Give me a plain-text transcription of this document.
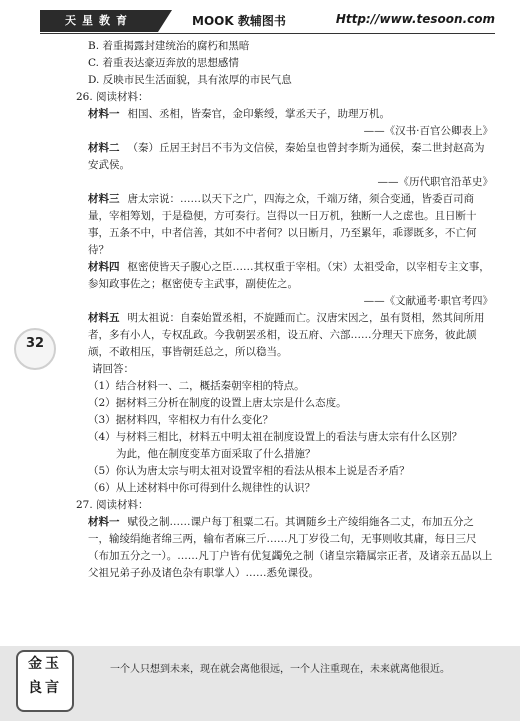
天星教育	MOOK 教辅图书	Http://www.tesoon.com

B. 着重揭露封建统治的腐朽和黑暗

C. 着重表达豪迈奔放的思想感情

D. 反映市民生活面貌，具有浓厚的市民气息

26. 阅读材料：

材料一 相国、丞相，皆秦官，金印紫绶，掌丞天子，助理万机。

——《汉书·百官公卿表上》

材料二 （秦）丘居王封吕不韦为文信侯，秦始皇也曾封李斯为通侯，秦二世封赵高为安武侯。

——《历代职官沿革史》

材料三 唐太宗说：……以天下之广，四海之众，千端万绪，须合变通，皆委百司商量，宰相筹划，于是稳便，方可奏行。岂得以一日万机，独断一人之虑也。且日断十事，五条不中，中者信善，其如不中者何？以日断月，乃至累年，乖谬既多，不亡何待？

材料四 枢密使皆天子腹心之臣……其权重于宰相。（宋）太祖受命，以宰相专主文事，参知政事佐之；枢密使专主武事，副使佐之。

——《文献通考·职官考四》

材料五 明太祖说：自秦始置丞相，不旋踵而亡。汉唐宋因之，虽有贤相，然其间所用者，多有小人，专权乱政。今我朝罢丞相，设五府、六部……分理天下庶务，彼此颉颃，不敢相压，事皆朝廷总之，所以稳当。

请回答：

（1）结合材料一、二，概括秦朝宰相的特点。

（2）据材料三分析在制度的设置上唐太宗是什么态度。

（3）据材料四，宰相权力有什么变化？

（4）与材料三相比，材料五中明太祖在制度设置上的看法与唐太宗有什么区别？

为此，他在制度变革方面采取了什么措施？

（5）你认为唐太宗与明太祖对设置宰相的看法从根本上说是否矛盾？

（6）从上述材料中你可得到什么规律性的认识？

27. 阅读材料：

材料一 赋役之制……课户每丁租粟二石。其调随乡土产绫绢絁各二丈，布加五分之一，输绫绢絁者绵三两，输布者麻三斤……凡丁岁役二旬，无事则收其庸，每日三尺（布加五分之一）。……凡丁户皆有优复蠲免之制（诸皇宗籍属宗正者，及诸亲五品以上父祖兄弟子孙及诸色杂有职掌人）……悉免课役。

32
金玉
良言
一个人只想到未来，现在就会离他很远，一个人注重现在，未来就离他很近。
